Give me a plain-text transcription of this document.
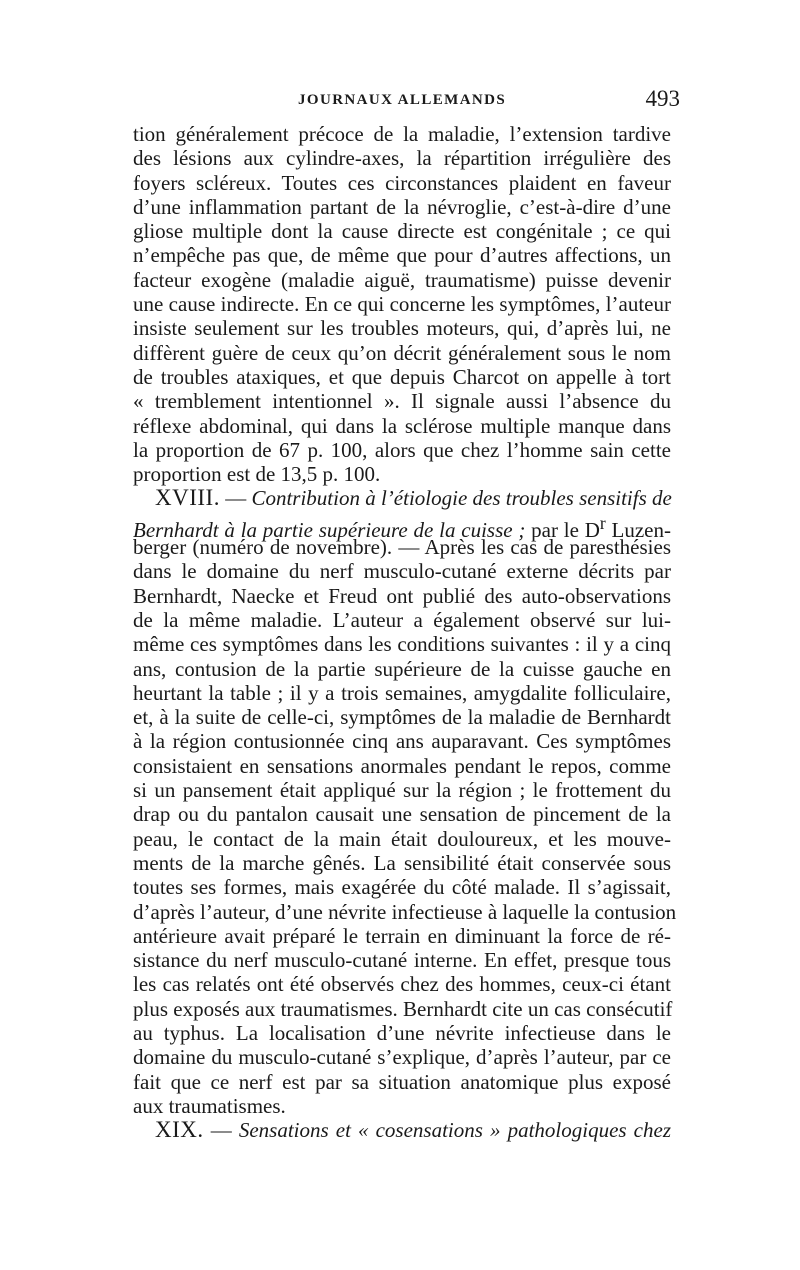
JOURNAUX ALLEMANDS	493
tion généralement précoce de la maladie, l’extension tardive
des lésions aux cylindre-axes, la répartition irrégulière des
foyers scléreux. Toutes ces circonstances plaident en faveur
d’une inflammation partant de la névroglie, c’est-à-dire d’une
gliose multiple dont la cause directe est congénitale ; ce qui
n’empêche pas que, de même que pour d’autres affections, un
facteur exogène (maladie aiguë, traumatisme) puisse devenir
une cause indirecte. En ce qui concerne les symptômes, l’auteur
insiste seulement sur les troubles moteurs, qui, d’après lui, ne
diffèrent guère de ceux qu’on décrit généralement sous le nom
de troubles ataxiques, et que depuis Charcot on appelle à tort
« tremblement intentionnel ». Il signale aussi l’absence du
réflexe abdominal, qui dans la sclérose multiple manque dans
la proportion de 67 p. 100, alors que chez l’homme sain cette
proportion est de 13,5 p. 100.
XVIII. — Contribution à l’étiologie des troubles sensitifs de
Bernhardt à la partie supérieure de la cuisse ; par le $D^r$ Luzen-
berger (numéro de novembre). — Après les cas de paresthésies
dans le domaine du nerf musculo-cutané externe décrits par
Bernhardt, Naecke et Freud ont publié des auto-observations
de la même maladie. L’auteur a également observé sur lui-
même ces symptômes dans les conditions suivantes : il y a cinq
ans, contusion de la partie supérieure de la cuisse gauche en
heurtant la table ; il y a trois semaines, amygdalite folliculaire,
et, à la suite de celle-ci, symptômes de la maladie de Bernhardt
à la région contusionnée cinq ans auparavant. Ces symptômes
consistaient en sensations anormales pendant le repos, comme
si un pansement était appliqué sur la région ; le frottement du
drap ou du pantalon causait une sensation de pincement de la
peau, le contact de la main était douloureux, et les mouve-
ments de la marche gênés. La sensibilité était conservée sous
toutes ses formes, mais exagérée du côté malade. Il s’agissait,
d’après l’auteur, d’une névrite infectieuse à laquelle la contusion
antérieure avait préparé le terrain en diminuant la force de ré-
sistance du nerf musculo-cutané interne. En effet, presque tous
les cas relatés ont été observés chez des hommes, ceux-ci étant
plus exposés aux traumatismes. Bernhardt cite un cas consécutif
au typhus. La localisation d’une névrite infectieuse dans le
domaine du musculo-cutané s’explique, d’après l’auteur, par ce
fait que ce nerf est par sa situation anatomique plus exposé
aux traumatismes.
XIX. — Sensations et « cosensations » pathologiques chez
